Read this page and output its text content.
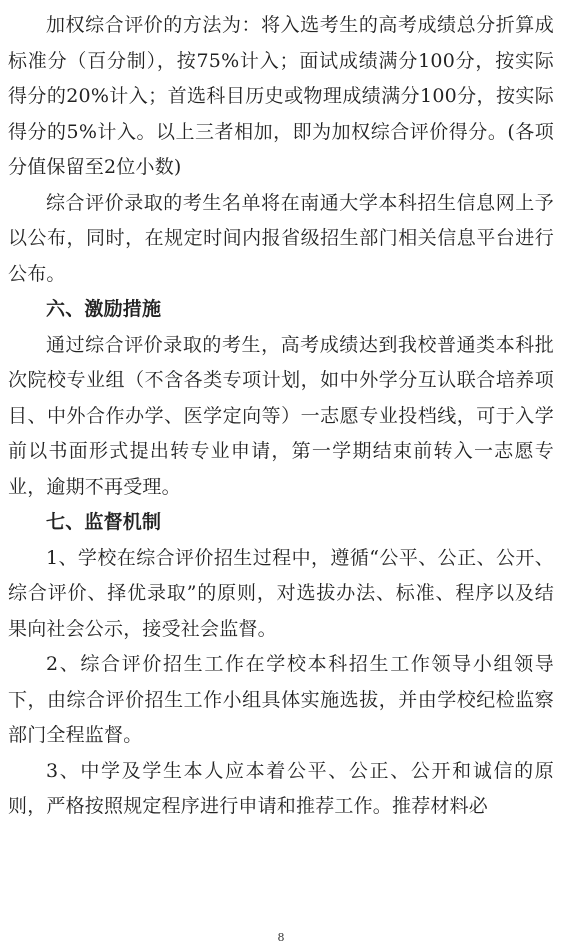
加权综合评价的方法为：将入选考生的高考成绩总分折算成标准分（百分制），按75%计入；面试成绩满分100分，按实际得分的20%计入；首选科目历史或物理成绩满分100分，按实际得分的5%计入。以上三者相加，即为加权综合评价得分。(各项分值保留至2位小数)

综合评价录取的考生名单将在南通大学本科招生信息网上予以公布，同时，在规定时间内报省级招生部门相关信息平台进行公布。

六、激励措施

通过综合评价录取的考生，高考成绩达到我校普通类本科批次院校专业组（不含各类专项计划，如中外学分互认联合培养项目、中外合作办学、医学定向等）一志愿专业投档线，可于入学前以书面形式提出转专业申请，第一学期结束前转入一志愿专业，逾期不再受理。

七、监督机制

1、学校在综合评价招生过程中，遵循“公平、公正、公开、综合评价、择优录取”的原则，对选拔办法、标准、程序以及结果向社会公示，接受社会监督。

2、综合评价招生工作在学校本科招生工作领导小组领导下，由综合评价招生工作小组具体实施选拔，并由学校纪检监察部门全程监督。

3、中学及学生本人应本着公平、公正、公开和诚信的原则，严格按照规定程序进行申请和推荐工作。推荐材料必

8
